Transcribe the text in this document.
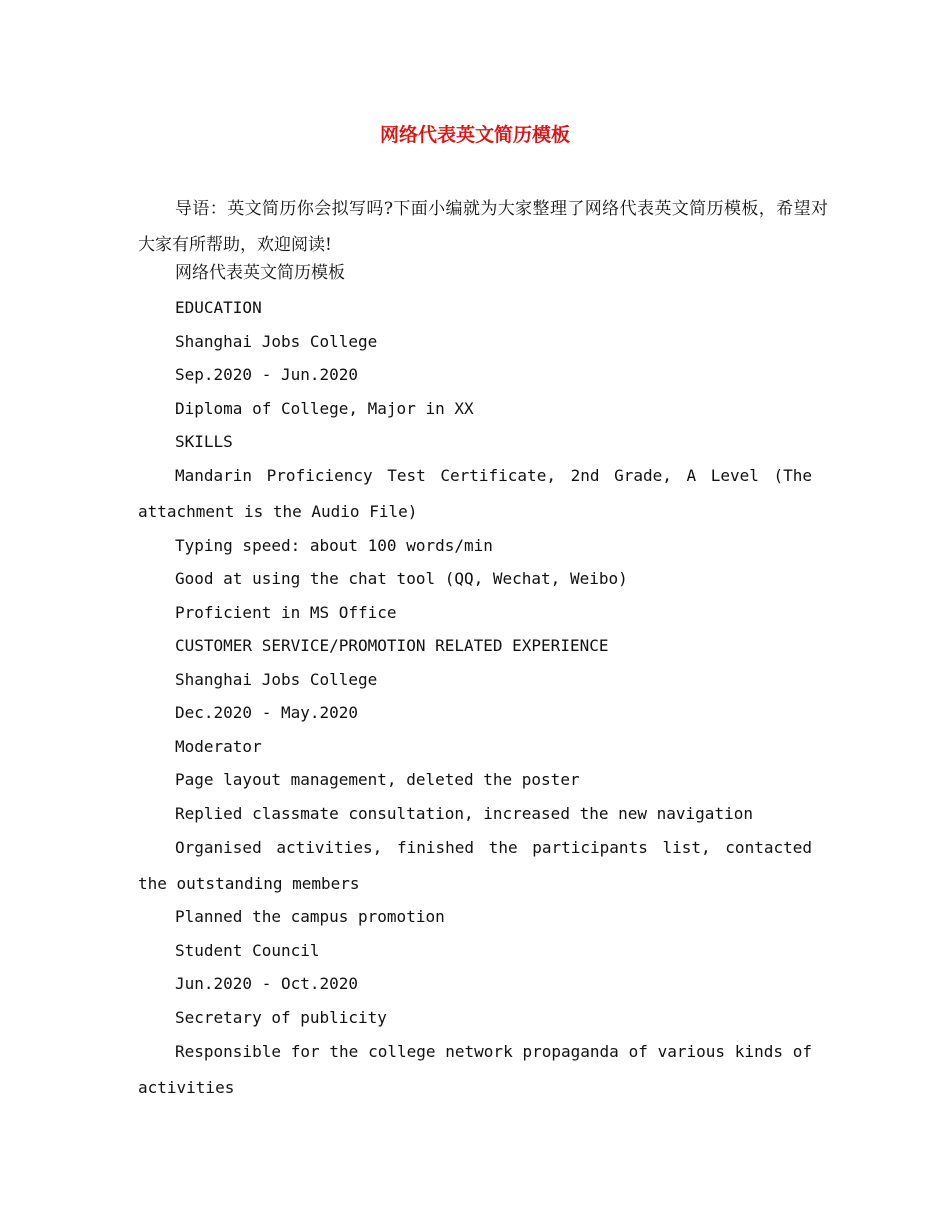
网络代表英文简历模板

导语：英文简历你会拟写吗?下面小编就为大家整理了网络代表英文简历模板，希望对大家有所帮助，欢迎阅读!

网络代表英文简历模板

EDUCATION

Shanghai Jobs College

Sep.2020 - Jun.2020

Diploma of College, Major in XX

SKILLS

Mandarin Proficiency Test Certificate, 2nd Grade, A Level (The attachment is the Audio File)

Typing speed: about 100 words/min

Good at using the chat tool (QQ, Wechat, Weibo)

Proficient in MS Office

CUSTOMER SERVICE/PROMOTION RELATED EXPERIENCE

Shanghai Jobs College

Dec.2020 - May.2020

Moderator

Page layout management, deleted the poster

Replied classmate consultation, increased the new navigation

Organised activities, finished the participants list, contacted the outstanding members

Planned the campus promotion

Student Council

Jun.2020 - Oct.2020

Secretary of publicity

Responsible for the college network propaganda of various kinds of activities
